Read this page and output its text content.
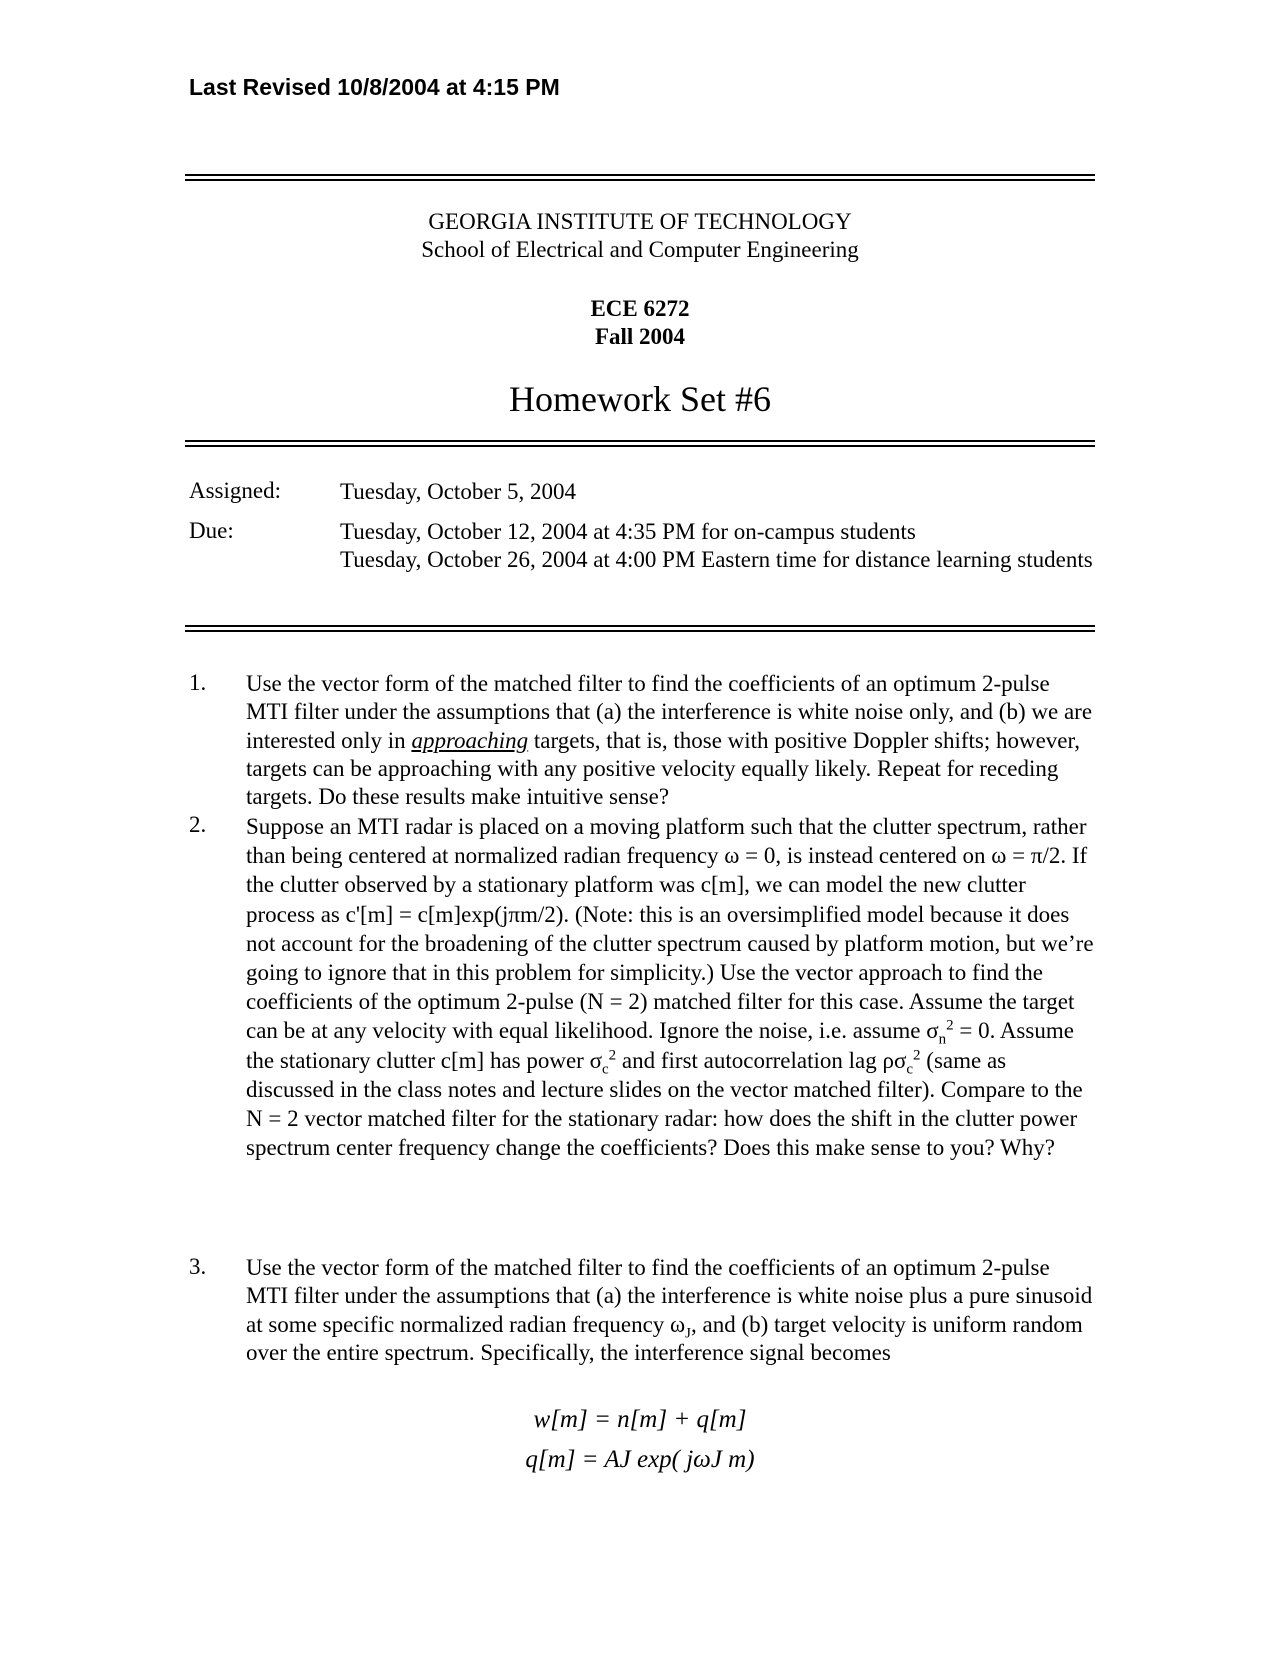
Last Revised 10/8/2004 at 4:15 PM
GEORGIA INSTITUTE OF TECHNOLOGY
School of Electrical and Computer Engineering
ECE 6272
Fall 2004
Homework Set #6
Assigned:	Tuesday, October 5, 2004
Due:	Tuesday, October 12, 2004 at 4:35 PM for on-campus students
Tuesday, October 26, 2004 at 4:00 PM Eastern time for distance learning students
1. Use the vector form of the matched filter to find the coefficients of an optimum 2-pulse MTI filter under the assumptions that (a) the interference is white noise only, and (b) we are interested only in approaching targets, that is, those with positive Doppler shifts; however, targets can be approaching with any positive velocity equally likely. Repeat for receding targets. Do these results make intuitive sense?
2. Suppose an MTI radar is placed on a moving platform such that the clutter spectrum, rather than being centered at normalized radian frequency ω = 0, is instead centered on ω = π/2. If the clutter observed by a stationary platform was c[m], we can model the new clutter process as c'[m] = c[m]exp(jπm/2). (Note: this is an oversimplified model because it does not account for the broadening of the clutter spectrum caused by platform motion, but we’re going to ignore that in this problem for simplicity.) Use the vector approach to find the coefficients of the optimum 2-pulse (N = 2) matched filter for this case. Assume the target can be at any velocity with equal likelihood. Ignore the noise, i.e. assume $\sigma_n^2 = 0$. Assume the stationary clutter c[m] has power $\sigma_c^2$ and first autocorrelation lag $\rho\sigma_c^2$ (same as discussed in the class notes and lecture slides on the vector matched filter). Compare to the N = 2 vector matched filter for the stationary radar: how does the shift in the clutter power spectrum center frequency change the coefficients? Does this make sense to you? Why?
3. Use the vector form of the matched filter to find the coefficients of an optimum 2-pulse MTI filter under the assumptions that (a) the interference is white noise plus a pure sinusoid at some specific normalized radian frequency $\omega_J$, and (b) target velocity is uniform random over the entire spectrum. Specifically, the interference signal becomes
w[m] = n[m] + q[m]
q[m] = AJ exp( jωJ m)
